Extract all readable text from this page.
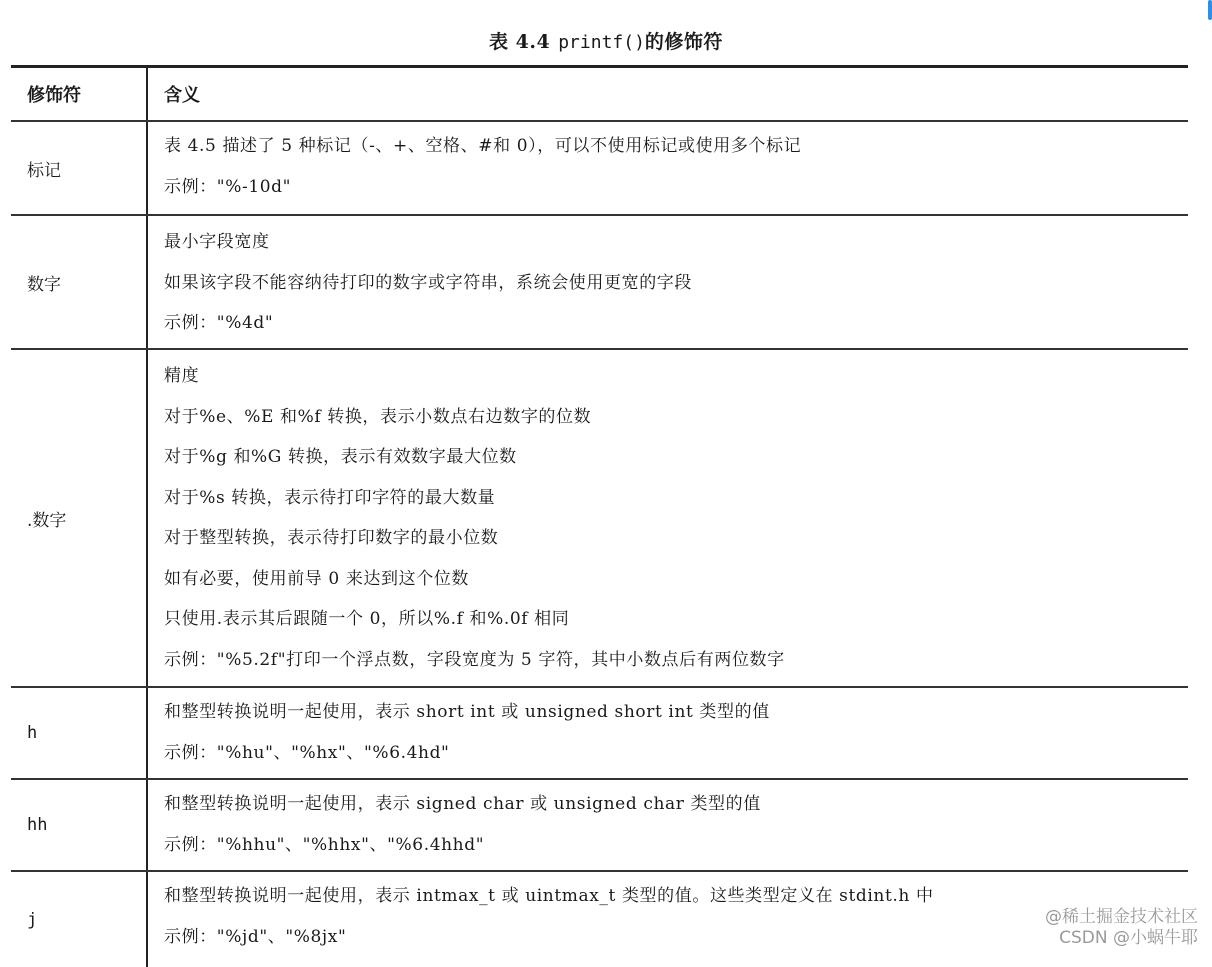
表 4.4 printf()的修饰符
修饰符	含义
标记
表 4.5 描述了 5 种标记（-、+、空格、#和 0），可以不使用标记或使用多个标记
示例："%-10d"
数字
最小字段宽度
如果该字段不能容纳待打印的数字或字符串，系统会使用更宽的字段
示例："%4d"
.数字
精度
对于%e、%E 和%f 转换，表示小数点右边数字的位数
对于%g 和%G 转换，表示有效数字最大位数
对于%s 转换，表示待打印字符的最大数量
对于整型转换，表示待打印数字的最小位数
如有必要，使用前导 0 来达到这个位数
只使用.表示其后跟随一个 0，所以%.f 和%.0f 相同
示例："%5.2f"打印一个浮点数，字段宽度为 5 字符，其中小数点后有两位数字
h
和整型转换说明一起使用，表示 short int 或 unsigned short int 类型的值
示例："%hu"、"%hx"、"%6.4hd"
hh
和整型转换说明一起使用，表示 signed char 或 unsigned char 类型的值
示例："%hhu"、"%hhx"、"%6.4hhd"
j
和整型转换说明一起使用，表示 intmax_t 或 uintmax_t 类型的值。这些类型定义在 stdint.h 中
示例："%jd"、"%8jx"
@稀土掘金技术社区
CSDN @小蜗牛耶
